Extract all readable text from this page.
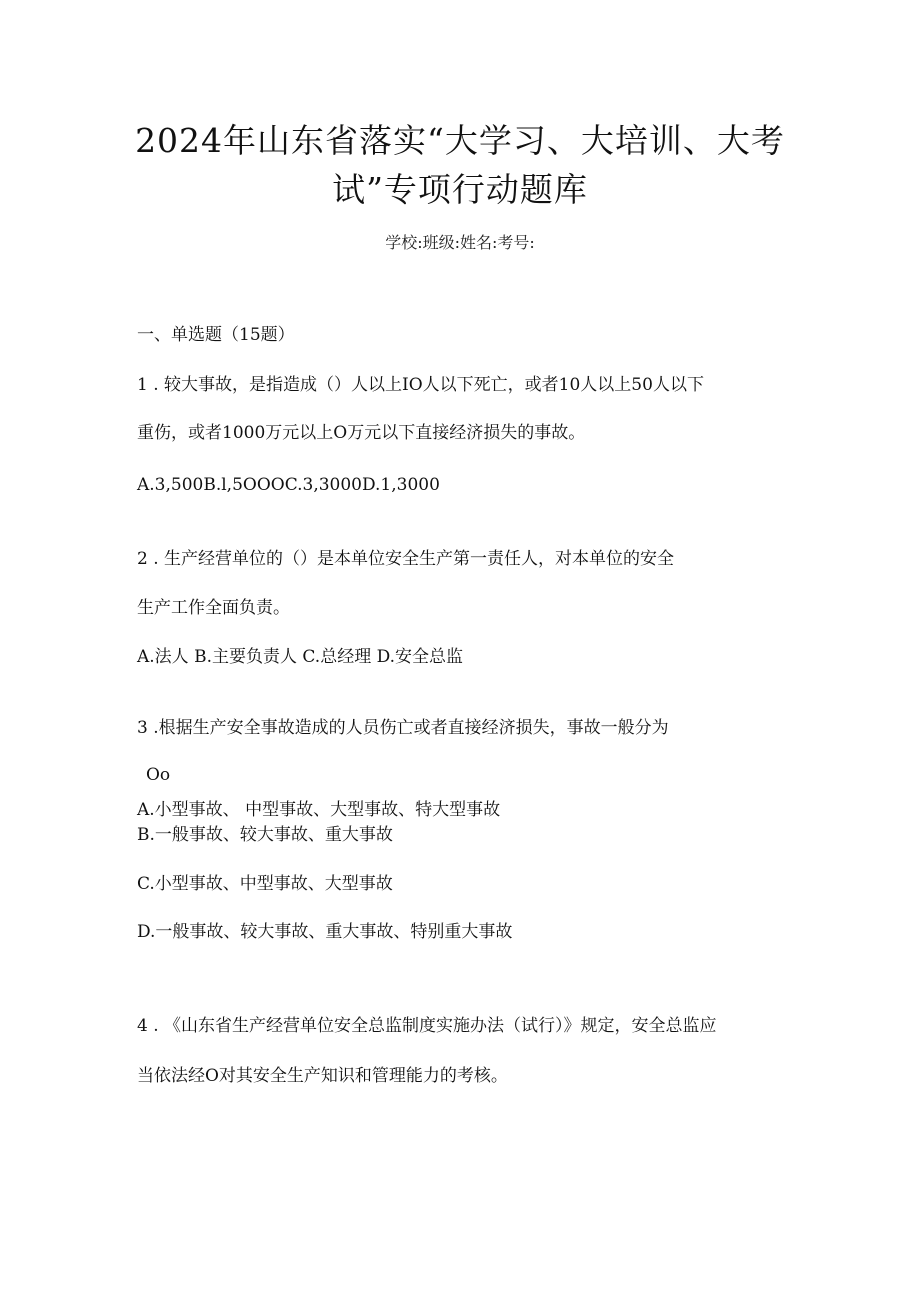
2024年山东省落实“大学习、大培训、大考
试”专项行动题库
学校:班级:姓名:考号:
一、单选题（15题）
1 . 较大事故，是指造成（）人以上IO人以下死亡，或者10人以上50人以下
重伤，或者1000万元以上O万元以下直接经济损失的事故。
A.3,500B.l,5OOOC.3,3000D.1,3000
2 . 生产经营单位的（）是本单位安全生产第一责任人，对本单位的安全
生产工作全面负责。
A.法人 B.主要负责人 C.总经理 D.安全总监
3 .根据生产安全事故造成的人员伤亡或者直接经济损失，事故一般分为
Oo
A.小型事故、 中型事故、大型事故、特大型事故
B.一般事故、较大事故、重大事故
C.小型事故、中型事故、大型事故
D.一般事故、较大事故、重大事故、特别重大事故
4 . 《山东省生产经营单位安全总监制度实施办法（试行）》规定，安全总监应
当依法经O对其安全生产知识和管理能力的考核。
